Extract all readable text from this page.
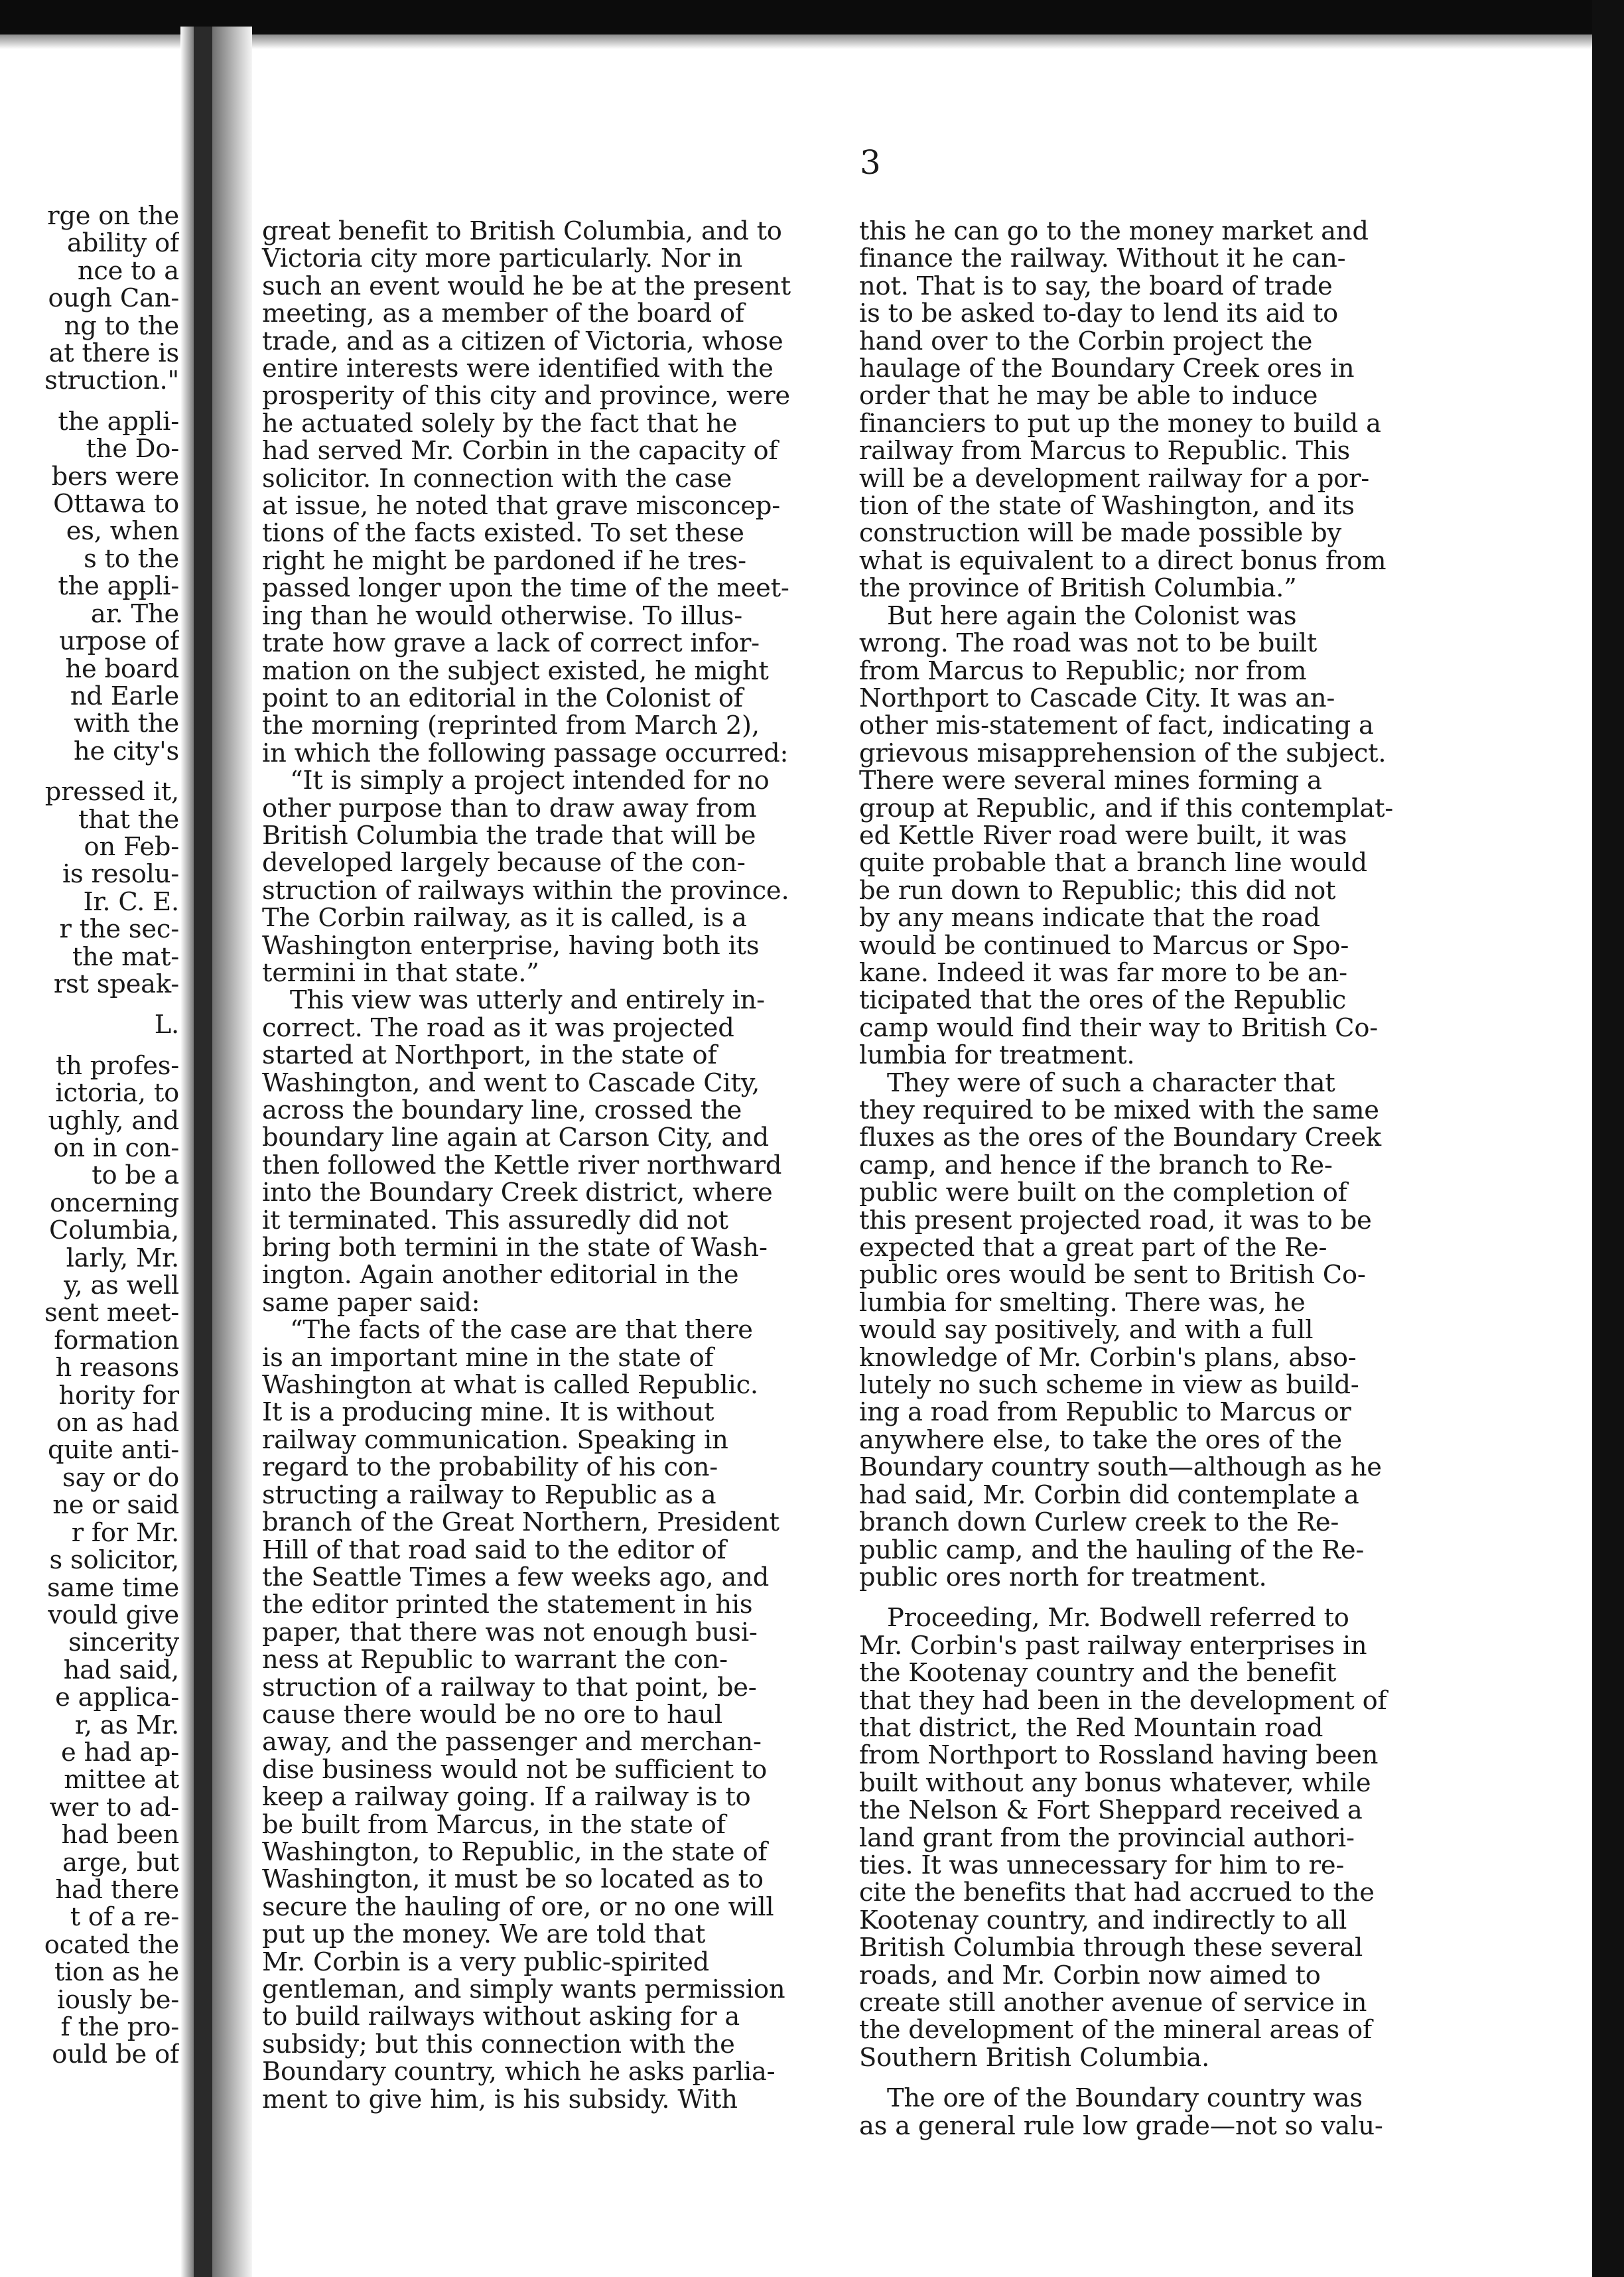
3

rge on the

ability of

nce to a

ough Can-

ng to the

at there is

struction."

the appli-

the Do-

bers were

Ottawa to

es, when

s to the

the appli-

ar. The

urpose of

he board

nd Earle

with the

he city's

pressed it,

that the

on Feb-

is resolu-

Ir. C. E.

r the sec-

the mat-

rst speak-

L.

th profes-

ictoria, to

ughly, and

on in con-

to be a

oncerning

Columbia,

larly, Mr.

y, as well

sent meet-

formation

h reasons

hority for

on as had

quite anti-

say or do

ne or said

r for Mr.

s solicitor,

same time

vould give

sincerity

had said,

e applica-

r, as Mr.

e had ap-

mittee at

wer to ad-

had been

arge, but

had there

t of a re-

ocated the

tion as he

iously be-

f the pro-

ould be of

great benefit to British Columbia, and to

Victoria city more particularly. Nor in

such an event would he be at the present

meeting, as a member of the board of

trade, and as a citizen of Victoria, whose

entire interests were identified with the

prosperity of this city and province, were

he actuated solely by the fact that he

had served Mr. Corbin in the capacity of

solicitor. In connection with the case

at issue, he noted that grave misconcep-

tions of the facts existed. To set these

right he might be pardoned if he tres-

passed longer upon the time of the meet-

ing than he would otherwise. To illus-

trate how grave a lack of correct infor-

mation on the subject existed, he might

point to an editorial in the Colonist of

the morning (reprinted from March 2),

in which the following passage occurred:

“It is simply a project intended for no

other purpose than to draw away from

British Columbia the trade that will be

developed largely because of the con-

struction of railways within the province.

The Corbin railway, as it is called, is a

Washington enterprise, having both its

termini in that state.”

This view was utterly and entirely in-

correct. The road as it was projected

started at Northport, in the state of

Washington, and went to Cascade City,

across the boundary line, crossed the

boundary line again at Carson City, and

then followed the Kettle river northward

into the Boundary Creek district, where

it terminated. This assuredly did not

bring both termini in the state of Wash-

ington. Again another editorial in the

same paper said:

“The facts of the case are that there

is an important mine in the state of

Washington at what is called Republic.

It is a producing mine. It is without

railway communication. Speaking in

regard to the probability of his con-

structing a railway to Republic as a

branch of the Great Northern, President

Hill of that road said to the editor of

the Seattle Times a few weeks ago, and

the editor printed the statement in his

paper, that there was not enough busi-

ness at Republic to warrant the con-

struction of a railway to that point, be-

cause there would be no ore to haul

away, and the passenger and merchan-

dise business would not be sufficient to

keep a railway going. If a railway is to

be built from Marcus, in the state of

Washington, to Republic, in the state of

Washington, it must be so located as to

secure the hauling of ore, or no one will

put up the money. We are told that

Mr. Corbin is a very public-spirited

gentleman, and simply wants permission

to build railways without asking for a

subsidy; but this connection with the

Boundary country, which he asks parlia-

ment to give him, is his subsidy. With

this he can go to the money market and

finance the railway. Without it he can-

not. That is to say, the board of trade

is to be asked to-day to lend its aid to

hand over to the Corbin project the

haulage of the Boundary Creek ores in

order that he may be able to induce

financiers to put up the money to build a

railway from Marcus to Republic. This

will be a development railway for a por-

tion of the state of Washington, and its

construction will be made possible by

what is equivalent to a direct bonus from

the province of British Columbia.”

But here again the Colonist was

wrong. The road was not to be built

from Marcus to Republic; nor from

Northport to Cascade City. It was an-

other mis-statement of fact, indicating a

grievous misapprehension of the subject.

There were several mines forming a

group at Republic, and if this contemplat-

ed Kettle River road were built, it was

quite probable that a branch line would

be run down to Republic; this did not

by any means indicate that the road

would be continued to Marcus or Spo-

kane. Indeed it was far more to be an-

ticipated that the ores of the Republic

camp would find their way to British Co-

lumbia for treatment.

They were of such a character that

they required to be mixed with the same

fluxes as the ores of the Boundary Creek

camp, and hence if the branch to Re-

public were built on the completion of

this present projected road, it was to be

expected that a great part of the Re-

public ores would be sent to British Co-

lumbia for smelting. There was, he

would say positively, and with a full

knowledge of Mr. Corbin's plans, abso-

lutely no such scheme in view as build-

ing a road from Republic to Marcus or

anywhere else, to take the ores of the

Boundary country south—although as he

had said, Mr. Corbin did contemplate a

branch down Curlew creek to the Re-

public camp, and the hauling of the Re-

public ores north for treatment.

Proceeding, Mr. Bodwell referred to

Mr. Corbin's past railway enterprises in

the Kootenay country and the benefit

that they had been in the development of

that district, the Red Mountain road

from Northport to Rossland having been

built without any bonus whatever, while

the Nelson & Fort Sheppard received a

land grant from the provincial authori-

ties. It was unnecessary for him to re-

cite the benefits that had accrued to the

Kootenay country, and indirectly to all

British Columbia through these several

roads, and Mr. Corbin now aimed to

create still another avenue of service in

the development of the mineral areas of

Southern British Columbia.

The ore of the Boundary country was

as a general rule low grade—not so valu-
